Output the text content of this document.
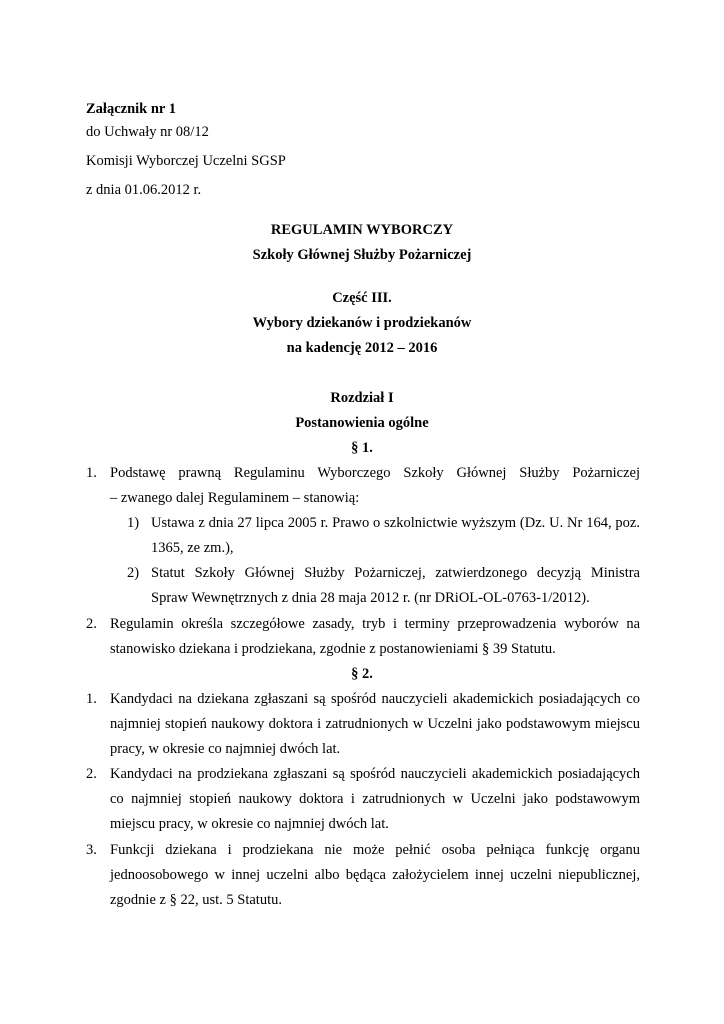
Załącznik nr 1
do Uchwały nr 08/12
Komisji Wyborczej Uczelni SGSP
z dnia 01.06.2012 r.
REGULAMIN WYBORCZY
Szkoły Głównej Służby Pożarniczej
Część III.
Wybory dziekanów i prodziekanów
na kadencję 2012 – 2016
Rozdział I
Postanowienia ogólne
§ 1.
1. Podstawę prawną Regulaminu Wyborczego Szkoły Głównej Służby Pożarniczej
– zwanego dalej Regulaminem – stanowią:
1) Ustawa z dnia 27 lipca 2005 r. Prawo o szkolnictwie wyższym (Dz. U. Nr 164, poz.
1365, ze zm.),
2) Statut Szkoły Głównej Służby Pożarniczej, zatwierdzonego decyzją Ministra
Spraw Wewnętrznych z dnia 28 maja 2012 r. (nr DRiOL-OL-0763-1/2012).
2. Regulamin określa szczegółowe zasady, tryb i terminy przeprowadzenia wyborów na
stanowisko dziekana i prodziekana, zgodnie z postanowieniami § 39 Statutu.
§ 2.
1. Kandydaci na dziekana zgłaszani są spośród nauczycieli akademickich posiadających co
najmniej stopień naukowy doktora i zatrudnionych w Uczelni jako podstawowym miejscu
pracy, w okresie co najmniej dwóch lat.
2. Kandydaci na prodziekana zgłaszani są spośród nauczycieli akademickich posiadających
co najmniej stopień naukowy doktora i zatrudnionych w Uczelni jako podstawowym
miejscu pracy, w okresie co najmniej dwóch lat.
3. Funkcji dziekana i prodziekana nie może pełnić osoba pełniąca funkcję organu
jednoosobowego w innej uczelni albo będąca założycielem innej uczelni niepublicznej,
zgodnie z § 22, ust. 5 Statutu.
